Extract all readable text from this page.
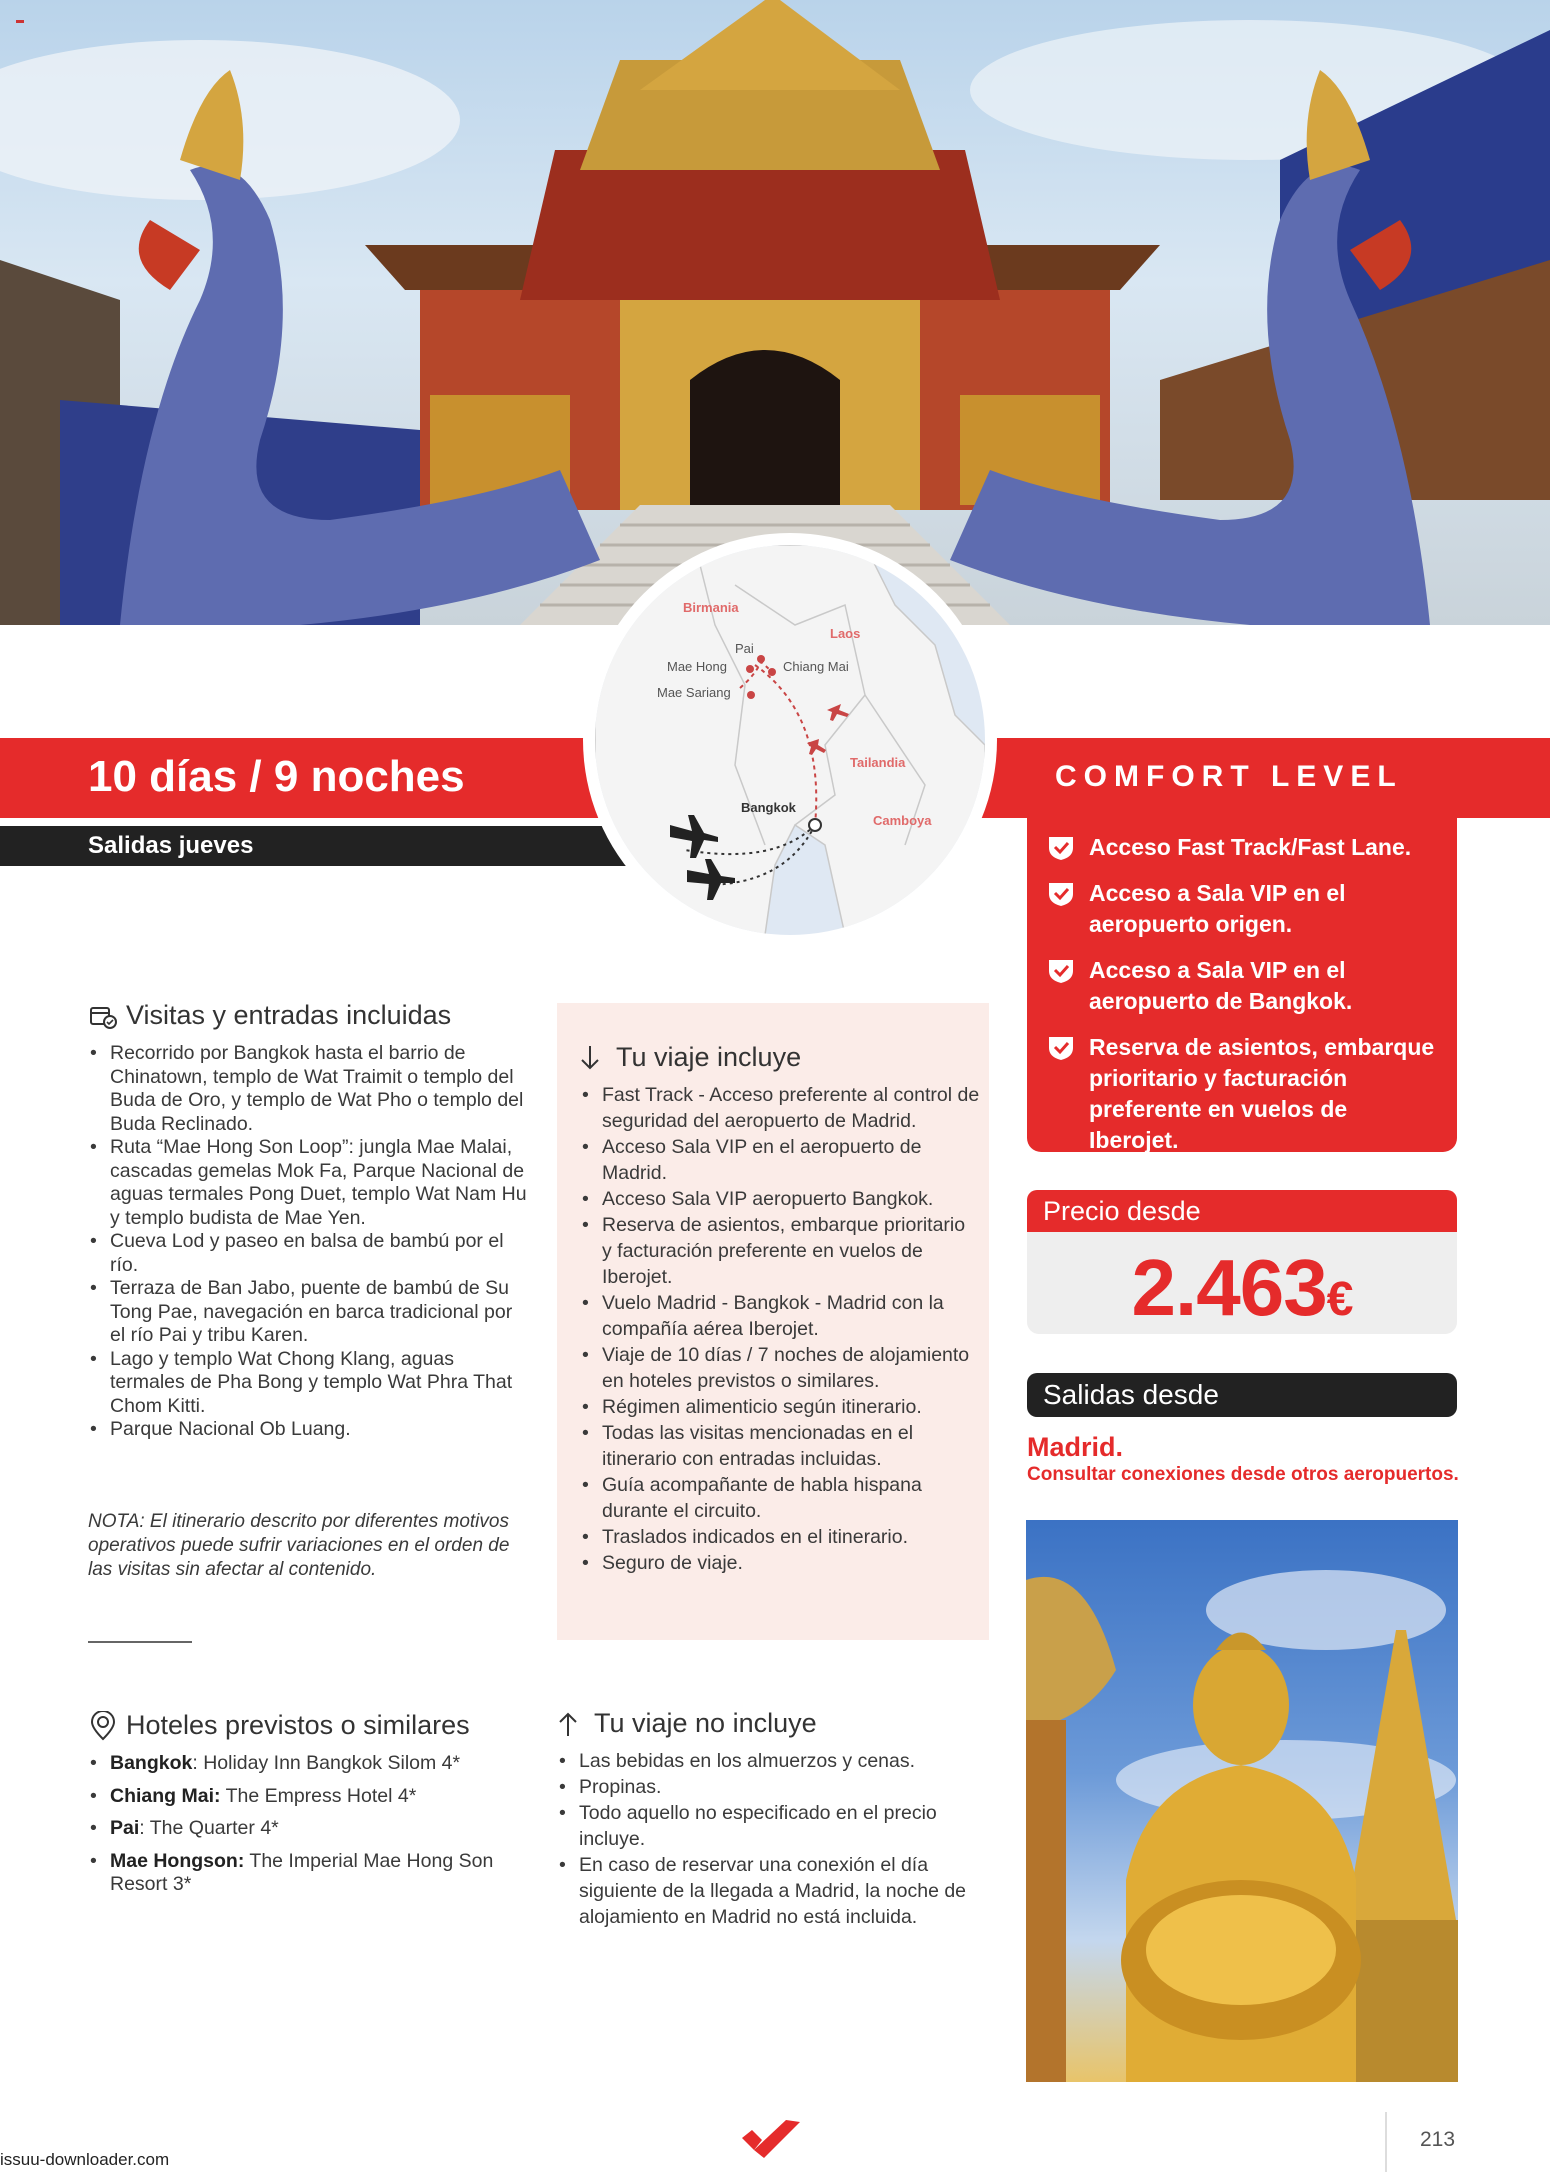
10 días / 9 noches
Salidas jueves
COMFORT LEVEL
Birmania
Laos
Tailandia
Camboya
Pai
Mae Hong	Chiang Mai
Mae Sariang
Bangkok
Acceso Fast Track/Fast Lane.
Acceso a Sala VIP en el aeropuerto origen.
Acceso a Sala VIP en el aeropuerto de Bangkok.
Reserva de asientos, embarque prioritario y facturación preferente en vuelos de Iberojet.
Precio desde
2.463€
Salidas desde
Madrid.
Consultar conexiones desde otros aeropuertos.
Visitas y entradas incluidas
• Recorrido por Bangkok hasta el barrio de Chinatown, templo de Wat Traimit o templo del Buda de Oro, y templo de Wat Pho o templo del Buda Reclinado.
• Ruta “Mae Hong Son Loop”: jungla Mae Malai, cascadas gemelas Mok Fa, Parque Nacional de aguas termales Pong Duet, templo Wat Nam Hu y templo budista de Mae Yen.
• Cueva Lod y paseo en balsa de bambú por el río.
• Terraza de Ban Jabo, puente de bambú de Su Tong Pae, navegación en barca tradicional por el río Pai y tribu Karen.
• Lago y templo Wat Chong Klang, aguas termales de Pha Bong y templo Wat Phra That Chom Kitti.
• Parque Nacional Ob Luang.
NOTA: El itinerario descrito por diferentes motivos operativos puede sufrir variaciones en el orden de las visitas sin afectar al contenido.
Tu viaje incluye
• Fast Track - Acceso preferente al control de seguridad del aeropuerto de Madrid.
• Acceso Sala VIP en el aeropuerto de Madrid.
• Acceso Sala VIP aeropuerto Bangkok.
• Reserva de asientos, embarque prioritario y facturación preferente en vuelos de Iberojet.
• Vuelo Madrid - Bangkok - Madrid con la compañía aérea Iberojet.
• Viaje de 10 días / 7 noches de alojamiento en hoteles previstos o similares.
• Régimen alimenticio según itinerario.
• Todas las visitas mencionadas en el itinerario con entradas incluidas.
• Guía acompañante de habla hispana durante el circuito.
• Traslados indicados en el itinerario.
• Seguro de viaje.
Hoteles previstos o similares
• Bangkok: Holiday Inn Bangkok Silom 4*
• Chiang Mai: The Empress Hotel 4*
• Pai: The Quarter 4*
• Mae Hongson: The Imperial Mae Hong Son Resort 3*
Tu viaje no incluye
• Las bebidas en los almuerzos y cenas.
• Propinas.
• Todo aquello no especificado en el precio incluye.
• En caso de reservar una conexión el día siguiente de la llegada a Madrid, la noche de alojamiento en Madrid no está incluida.
213
issuu-downloader.com
